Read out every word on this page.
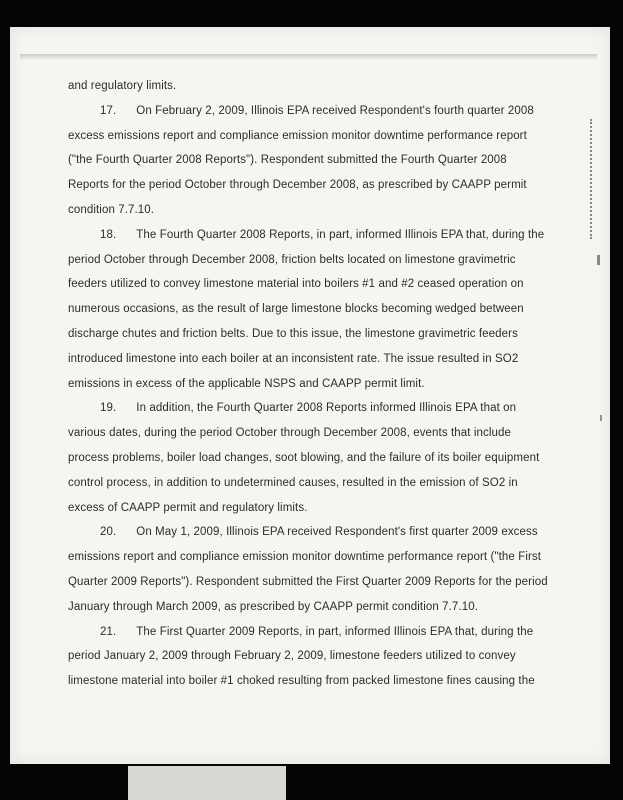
and regulatory limits.

17. On February 2, 2009, Illinois EPA received Respondent's fourth quarter 2008 excess emissions report and compliance emission monitor downtime performance report ("the Fourth Quarter 2008 Reports"). Respondent submitted the Fourth Quarter 2008 Reports for the period October through December 2008, as prescribed by CAAPP permit condition 7.7.10.

18. The Fourth Quarter 2008 Reports, in part, informed Illinois EPA that, during the period October through December 2008, friction belts located on limestone gravimetric feeders utilized to convey limestone material into boilers #1 and #2 ceased operation on numerous occasions, as the result of large limestone blocks becoming wedged between discharge chutes and friction belts. Due to this issue, the limestone gravimetric feeders introduced limestone into each boiler at an inconsistent rate. The issue resulted in SO2 emissions in excess of the applicable NSPS and CAAPP permit limit.

19. In addition, the Fourth Quarter 2008 Reports informed Illinois EPA that on various dates, during the period October through December 2008, events that include process problems, boiler load changes, soot blowing, and the failure of its boiler equipment control process, in addition to undetermined causes, resulted in the emission of SO2 in excess of CAAPP permit and regulatory limits.

20. On May 1, 2009, Illinois EPA received Respondent's first quarter 2009 excess emissions report and compliance emission monitor downtime performance report ("the First Quarter 2009 Reports"). Respondent submitted the First Quarter 2009 Reports for the period January through March 2009, as prescribed by CAAPP permit condition 7.7.10.

21. The First Quarter 2009 Reports, in part, informed Illinois EPA that, during the period January 2, 2009 through February 2, 2009, limestone feeders utilized to convey limestone material into boiler #1 choked resulting from packed limestone fines causing the
